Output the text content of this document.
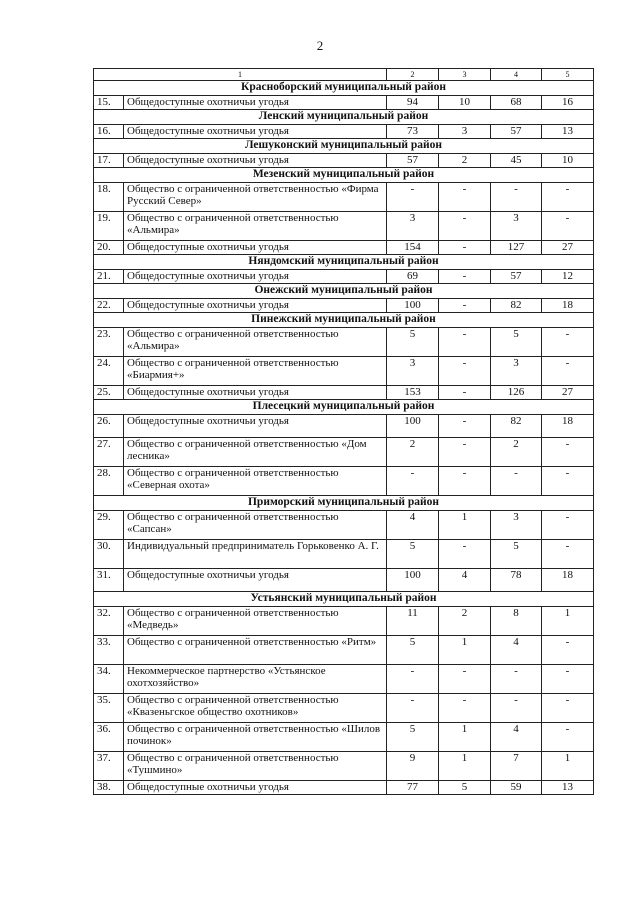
2
1		2	3	4	5
Красноборский муниципальный район					
15.	Общедоступные охотничьи угодья	94	10	68	16
Ленский муниципальный район					
16.	Общедоступные охотничьи угодья	73	3	57	13
Лешуконский муниципальный район					
17.	Общедоступные охотничьи угодья	57	2	45	10
Мезенский муниципальный район					
18.	Общество с ограниченной ответственностью «Фирма Русский Север»	-	-	-	-
19.	Общество с ограниченной ответственностью «Альмира»	3	-	3	-
20.	Общедоступные охотничьи угодья	154	-	127	27
Няндомский муниципальный район					
21.	Общедоступные охотничьи угодья	69	-	57	12
Онежский муниципальный район					
22.	Общедоступные охотничьи угодья	100	-	82	18
Пинежский муниципальный район					
23.	Общество с ограниченной ответственностью «Альмира»	5	-	5	-
24.	Общество с ограниченной ответственностью «Биармия+»	3	-	3	-
25.	Общедоступные охотничьи угодья	153	-	126	27
Плесецкий муниципальный район					
26.	Общедоступные охотничьи угодья	100	-	82	18
27.	Общество с ограниченной ответственностью «Дом лесника»	2	-	2	-
28.	Общество с ограниченной ответственностью «Северная охота»	-	-	-	-
Приморский муниципальный район					
29.	Общество с ограниченной ответственностью «Сапсан»	4	1	3	-
30.	Индивидуальный предприниматель Горьковенко А. Г.	5	-	5	-
31.	Общедоступные охотничьи угодья	100	4	78	18
Устьянский муниципальный район					
32.	Общество с ограниченной ответственностью «Медведь»	11	2	8	1
33.	Общество с ограниченной ответственностью «Ритм»	5	1	4	-
34.	Некоммерческое партнерство «Устьянское охотхозяйство»	-	-	-	-
35.	Общество с ограниченной ответственностью «Квазеньгское общество охотников»	-	-	-	-
36.	Общество с ограниченной ответственностью «Шилов починок»	5	1	4	-
37.	Общество с ограниченной ответственностью «Тушмино»	9	1	7	1
38.	Общедоступные охотничьи угодья	77	5	59	13
